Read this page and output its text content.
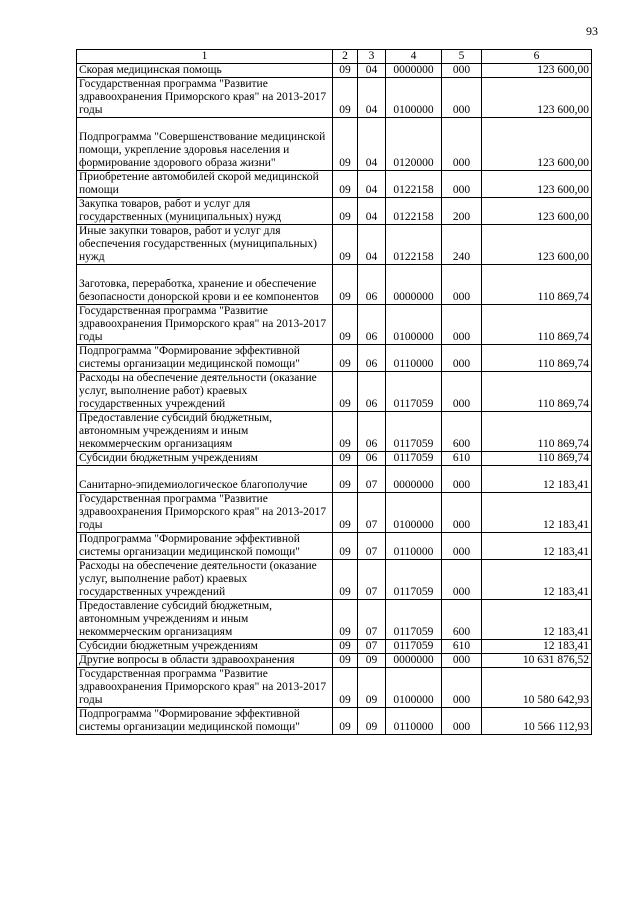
93
1	2	3	4	5	6
Скорая медицинская помощь	09	04	0000000	000	123 600,00
Государственная программа "Развитие здравоохранения Приморского края" на 2013-2017 годы	09	04	0100000	000	123 600,00
Подпрограмма "Совершенствование медицинской помощи, укрепление здоровья населения и формирование здорового образа жизни"	09	04	0120000	000	123 600,00
Приобретение автомобилей скорой медицинской помощи	09	04	0122158	000	123 600,00
Закупка товаров, работ и услуг для государственных (муниципальных) нужд	09	04	0122158	200	123 600,00
Иные закупки товаров, работ и услуг для обеспечения государственных (муниципальных) нужд	09	04	0122158	240	123 600,00
Заготовка, переработка, хранение и обеспечение безопасности донорской крови и ее компонентов	09	06	0000000	000	110 869,74
Государственная программа "Развитие здравоохранения Приморского края" на 2013-2017 годы	09	06	0100000	000	110 869,74
Подпрограмма "Формирование эффективной системы организации медицинской помощи"	09	06	0110000	000	110 869,74
Расходы на обеспечение деятельности (оказание услуг, выполнение работ) краевых государственных учреждений	09	06	0117059	000	110 869,74
Предоставление субсидий бюджетным, автономным учреждениям и иным некоммерческим организациям	09	06	0117059	600	110 869,74
Субсидии бюджетным учреждениям	09	06	0117059	610	110 869,74
Санитарно-эпидемиологическое благополучие	09	07	0000000	000	12 183,41
Государственная программа "Развитие здравоохранения Приморского края" на 2013-2017 годы	09	07	0100000	000	12 183,41
Подпрограмма "Формирование эффективной системы организации медицинской помощи"	09	07	0110000	000	12 183,41
Расходы на обеспечение деятельности (оказание услуг, выполнение работ) краевых государственных учреждений	09	07	0117059	000	12 183,41
Предоставление субсидий бюджетным, автономным учреждениям и иным некоммерческим организациям	09	07	0117059	600	12 183,41
Субсидии бюджетным учреждениям	09	07	0117059	610	12 183,41
Другие вопросы в области здравоохранения	09	09	0000000	000	10 631 876,52
Государственная программа "Развитие здравоохранения Приморского края" на 2013-2017 годы	09	09	0100000	000	10 580 642,93
Подпрограмма "Формирование эффективной системы организации медицинской помощи"	09	09	0110000	000	10 566 112,93
